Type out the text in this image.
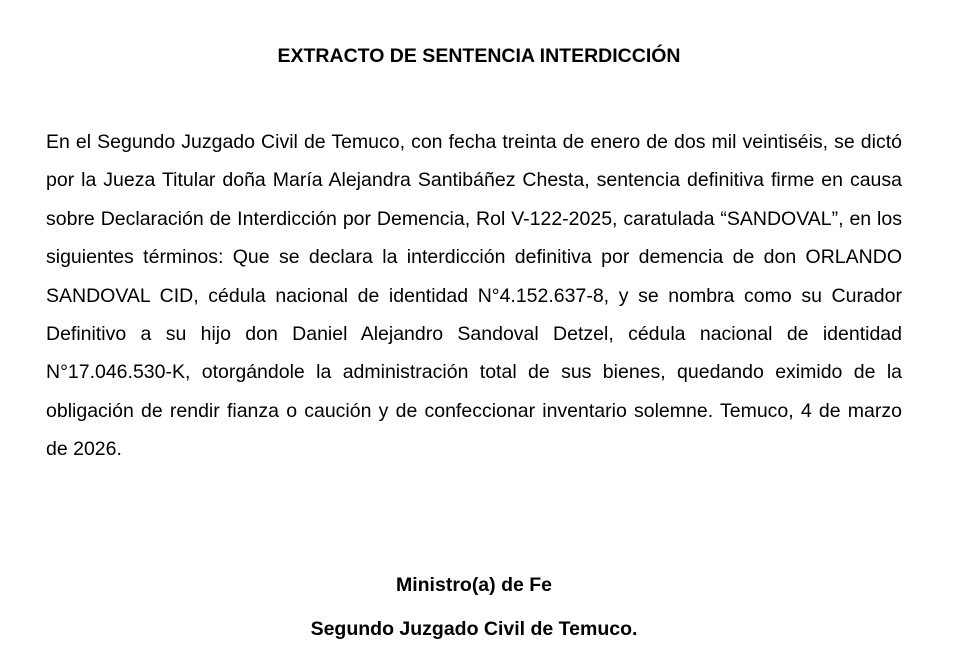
EXTRACTO DE SENTENCIA INTERDICCIÓN

En el Segundo Juzgado Civil de Temuco, con fecha treinta de enero de dos mil veintiséis, se dictó por la Jueza Titular doña María Alejandra Santibáñez Chesta, sentencia definitiva firme en causa sobre Declaración de Interdicción por Demencia, Rol V-122-2025, caratulada “SANDOVAL”, en los siguientes términos: Que se declara la interdicción definitiva por demencia de don ORLANDO SANDOVAL CID, cédula nacional de identidad N°4.152.637-8, y se nombra como su Curador Definitivo a su hijo don Daniel Alejandro Sandoval Detzel, cédula nacional de identidad N°17.046.530-K, otorgándole la administración total de sus bienes, quedando eximido de la obligación de rendir fianza o caución y de confeccionar inventario solemne. Temuco, 4 de marzo de 2026.

Ministro(a) de Fe

Segundo Juzgado Civil de Temuco.
